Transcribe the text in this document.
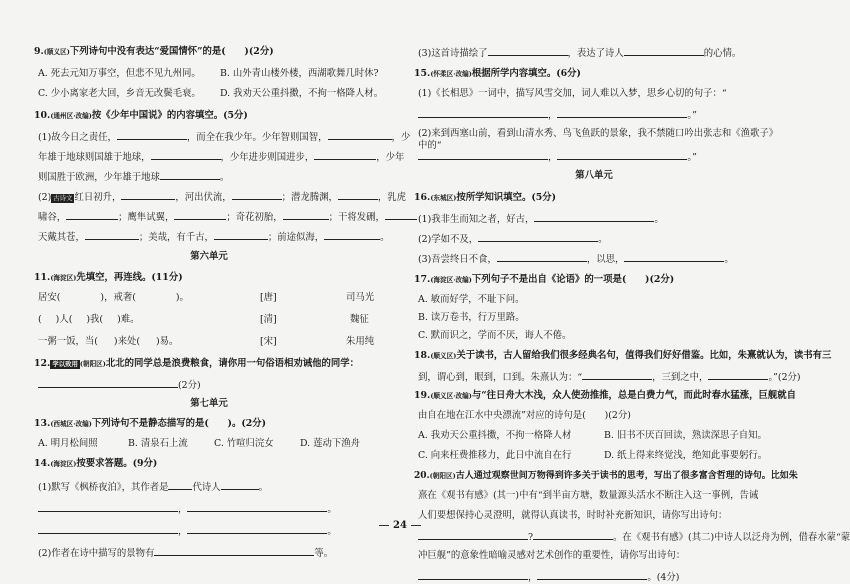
9.(顺义区)下列诗句中没有表达“爱国情怀”的是(　　)(2分)
A. 死去元知万事空，但悲不见九州同。 B. 山外青山楼外楼，西湖歌舞几时休?
C. 少小离家老大回，乡音无改鬓毛衰。 D. 我劝天公重抖擞，不拘一格降人材。
10.(通州区·改编)按《少年中国说》的内容填空。(5分)
(1)故今日之责任，	，而全在我少年。少年智则国智，	，少
年雄于地球则国雄于地球，	，少年进步则国进步，	，少年
则国胜于欧洲，少年雄于地球	。
(2) 古诗文 红日初升，	，河出伏流，	；潜龙腾渊，	，乳虎
啸谷，	；鹰隼试翼，	；奇花初胎，	；干将发硎，
天戴其苍，	；美哉，有千古，	；前途似海，	。
第六单元
11.(海淀区)先填空，再连线。(11分)
居安(	)，戒奢(	)。	[唐]	司马光
( )人( )我( )难。	[清]	魏征
一粥一饭，当( )来处( )易。	[宋]	朱用纯
12. 学以致用 (朝阳区)北北的同学总是浪费粮食，请你用一句俗语相劝诫他的同学：
(2分)
第七单元
13.(西城区·改编)下列诗句不是静态描写的是(　　)。(2分)
A. 明月松间照	B. 清泉石上流	C. 竹喧归浣女	D. 莲动下渔舟
14.(海淀区)按要求答题。(9分)
(1)默写《枫桥夜泊》，其作者是	代诗人	。
，	。
，	。
(2)作者在诗中描写的景物有	等。
(3)这首诗描绘了	，表达了诗人	的心情。
15.(怀柔区·改编)根据所学内容填空。(6分)
(1)《长相思》一词中，描写风雪交加，词人难以入梦，思乡心切的句子：“
，	。”
(2)来到西塞山前，看到山清水秀、鸟飞鱼跃的景象，我不禁随口吟出张志和《渔歌子》中的“
，	。”
第八单元
16.(东城区)按所学知识填空。(5分)
(1)我非生而知之者，好古，	。
(2)学如不及，	。
(3)吾尝终日不食，	，以思，	。
17.(海淀区·改编)下列句子不是出自《论语》的一项是(　　)(2分)
A. 敏而好学，不耻下问。
B. 读万卷书，行万里路。
C. 默而识之，学而不厌，诲人不倦。
18.(顺义区)关于读书，古人留给我们很多经典名句，值得我们好好借鉴。比如，朱熹就认为，读书有三
到，谓心到，眼到，口到。朱熹认为：“	，三到之中，	。”(2分)
19.(顺义区·改编)与“往日舟大木浅，众人使劲推推，总是白费力气，而此时春水猛涨，巨舰就自
由自在地在江水中央漂流”对应的诗句是(　　)(2分)
A. 我劝天公重抖擞，不拘一格降人材	B. 旧书不厌百回读，熟读深思子自知。
C. 向来枉费推移力，此日中流自在行	D. 纸上得来终觉浅，绝知此事要躬行。
20.(朝阳区)古人通过观察世间万物得到许多关于读书的思考，写出了很多富含哲理的诗句。比如朱
熹在《观书有感》(其一)中有“到半亩方塘，数量源头活水不断注入这一事例，告诫
人们要想保持心灵澄明，就得认真读书，时时补充新知识，请你写出诗句：
?	。在《观书有感》(其二)中诗人以泛舟为例，借春水蒙“蒙
冲巨舰”的意象性暗喻灵感对艺术创作的重要性，请你写出诗句：
，	。(4分)
24
